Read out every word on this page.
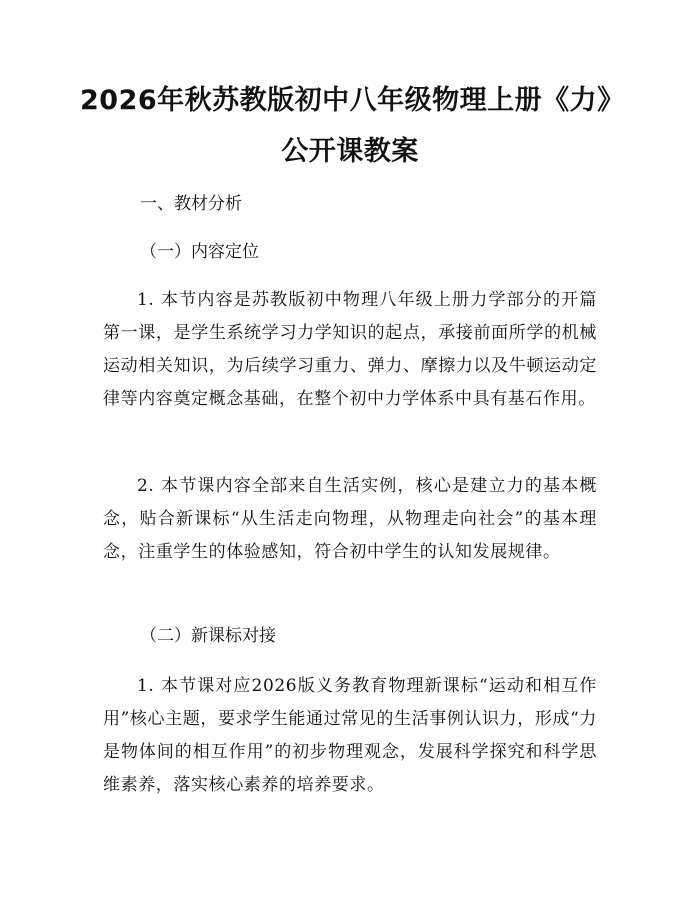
2026年秋苏教版初中八年级物理上册《力》
公开课教案
一、教材分析
（一）内容定位

1. 本节内容是苏教版初中物理八年级上册力学部分的开篇第一课，是学生系统学习力学知识的起点，承接前面所学的机械运动相关知识，为后续学习重力、弹力、摩擦力以及牛顿运动定律等内容奠定概念基础，在整个初中力学体系中具有基石作用。

2. 本节课内容全部来自生活实例，核心是建立力的基本概念，贴合新课标“从生活走向物理，从物理走向社会”的基本理念，注重学生的体验感知，符合初中学生的认知发展规律。

（二）新课标对接

1. 本节课对应2026版义务教育物理新课标“运动和相互作用”核心主题，要求学生能通过常见的生活事例认识力，形成“力是物体间的相互作用”的初步物理观念，发展科学探究和科学思维素养，落实核心素养的培养要求。
